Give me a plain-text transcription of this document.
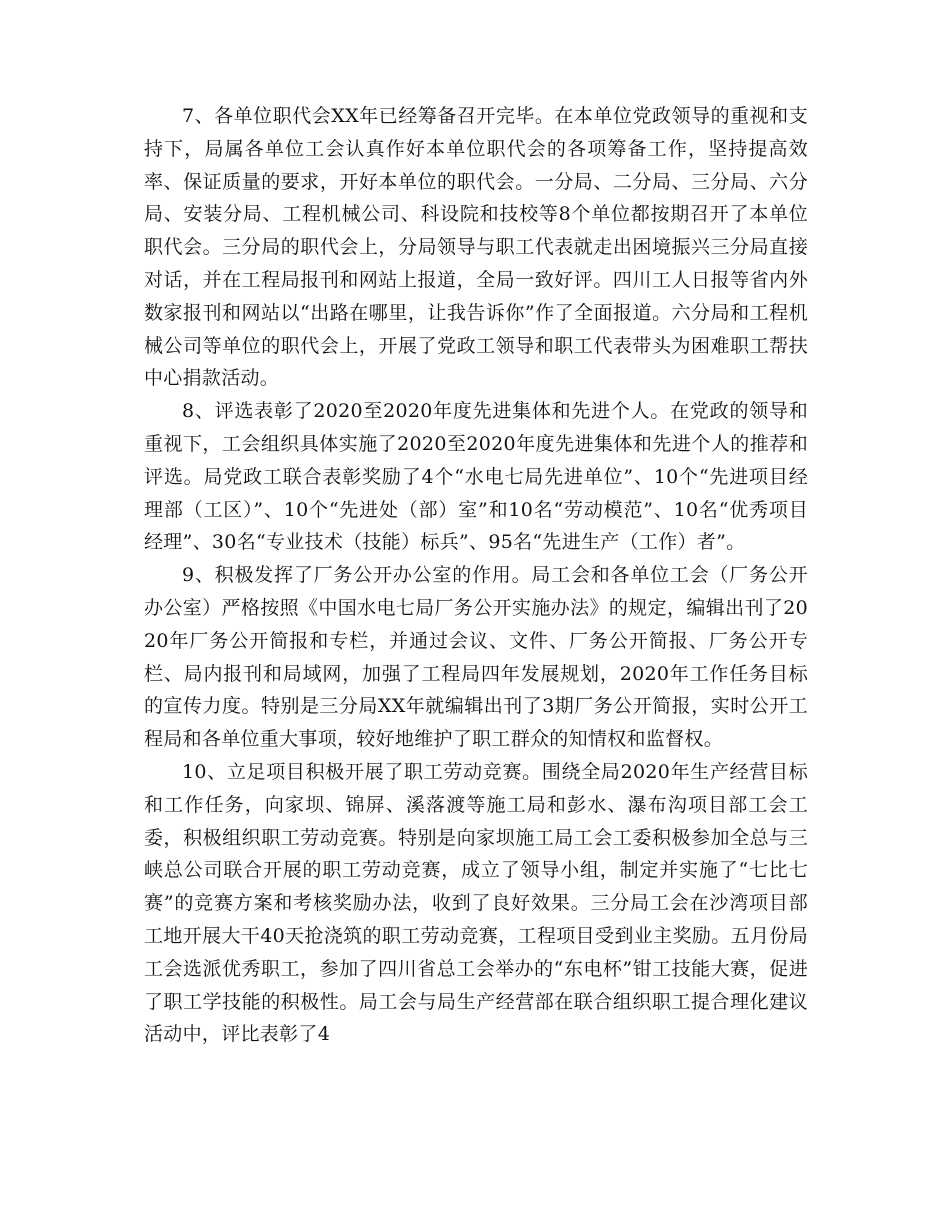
7、各单位职代会XX年已经筹备召开完毕。在本单位党政领导的重视和支持下，局属各单位工会认真作好本单位职代会的各项筹备工作，坚持提高效率、保证质量的要求，开好本单位的职代会。一分局、二分局、三分局、六分局、安装分局、工程机械公司、科设院和技校等8个单位都按期召开了本单位职代会。三分局的职代会上，分局领导与职工代表就走出困境振兴三分局直接对话，并在工程局报刊和网站上报道，全局一致好评。四川工人日报等省内外数家报刊和网站以“出路在哪里，让我告诉你”作了全面报道。六分局和工程机械公司等单位的职代会上，开展了党政工领导和职工代表带头为困难职工帮扶中心捐款活动。

8、评选表彰了2020至2020年度先进集体和先进个人。在党政的领导和重视下，工会组织具体实施了2020至2020年度先进集体和先进个人的推荐和评选。局党政工联合表彰奖励了4个“水电七局先进单位”、10个“先进项目经理部（工区）”、10个“先进处（部）室”和10名“劳动模范”、10名“优秀项目经理”、30名“专业技术（技能）标兵”、95名“先进生产（工作）者”。

9、积极发挥了厂务公开办公室的作用。局工会和各单位工会（厂务公开办公室）严格按照《中国水电七局厂务公开实施办法》的规定，编辑出刊了2020年厂务公开简报和专栏，并通过会议、文件、厂务公开简报、厂务公开专栏、局内报刊和局域网，加强了工程局四年发展规划，2020年工作任务目标的宣传力度。特别是三分局XX年就编辑出刊了3期厂务公开简报，实时公开工程局和各单位重大事项，较好地维护了职工群众的知情权和监督权。

10、立足项目积极开展了职工劳动竞赛。围绕全局2020年生产经营目标和工作任务，向家坝、锦屏、溪落渡等施工局和彭水、瀑布沟项目部工会工委，积极组织职工劳动竞赛。特别是向家坝施工局工会工委积极参加全总与三峡总公司联合开展的职工劳动竞赛，成立了领导小组，制定并实施了“七比七赛”的竞赛方案和考核奖励办法，收到了良好效果。三分局工会在沙湾项目部工地开展大干40天抢浇筑的职工劳动竞赛，工程项目受到业主奖励。五月份局工会选派优秀职工，参加了四川省总工会举办的“东电杯”钳工技能大赛，促进了职工学技能的积极性。局工会与局生产经营部在联合组织职工提合理化建议活动中，评比表彰了4
